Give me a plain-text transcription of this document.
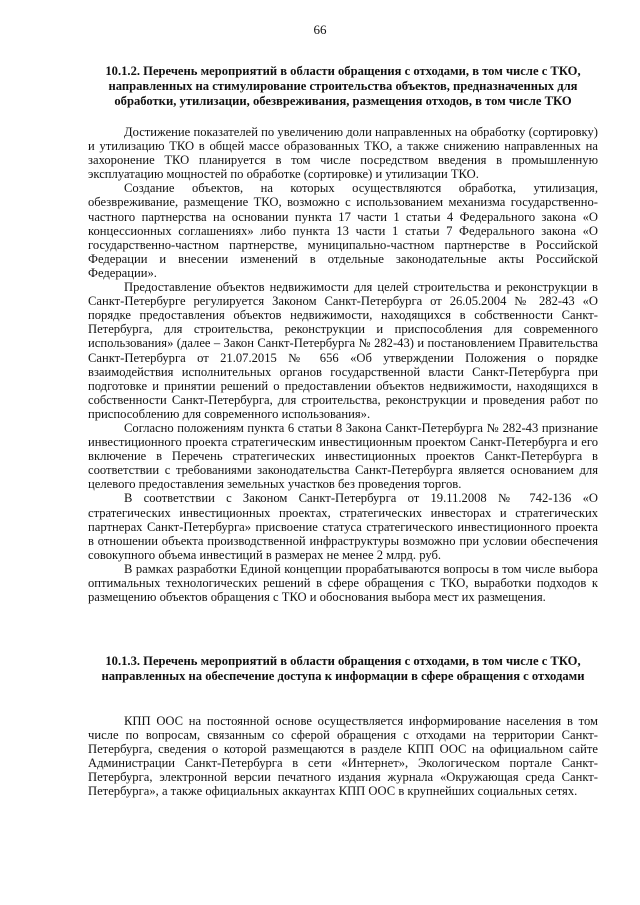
66
10.1.2. Перечень мероприятий в области обращения с отходами, в том числе с ТКО, направленных на стимулирование строительства объектов, предназначенных для обработки, утилизации, обезвреживания, размещения отходов, в том числе ТКО

Достижение показателей по увеличению доли направленных на обработку (сортировку) и утилизацию ТКО в общей массе образованных ТКО, а также снижению направленных на захоронение ТКО планируется в том числе посредством введения в промышленную эксплуатацию мощностей по обработке (сортировке) и утилизации ТКО.

Создание объектов, на которых осуществляются обработка, утилизация, обезвреживание, размещение ТКО, возможно с использованием механизма государственно-частного партнерства на основании пункта 17 части 1 статьи 4 Федерального закона «О концессионных соглашениях» либо пункта 13 части 1 статьи 7 Федерального закона «О государственно-частном партнерстве, муниципально-частном партнерстве в Российской Федерации и внесении изменений в отдельные законодательные акты Российской Федерации».

Предоставление объектов недвижимости для целей строительства и реконструкции в Санкт-Петербурге регулируется Законом Санкт-Петербурга от 26.05.2004 № 282-43 «О порядке предоставления объектов недвижимости, находящихся в собственности Санкт-Петербурга, для строительства, реконструкции и приспособления для современного использования» (далее – Закон Санкт-Петербурга № 282-43) и постановлением Правительства Санкт-Петербурга от 21.07.2015 № 656 «Об утверждении Положения о порядке взаимодействия исполнительных органов государственной власти Санкт-Петербурга при подготовке и принятии решений о предоставлении объектов недвижимости, находящихся в собственности Санкт-Петербурга, для строительства, реконструкции и проведения работ по приспособлению для современного использования».

Согласно положениям пункта 6 статьи 8 Закона Санкт-Петербурга № 282-43 признание инвестиционного проекта стратегическим инвестиционным проектом Санкт-Петербурга и его включение в Перечень стратегических инвестиционных проектов Санкт-Петербурга в соответствии с требованиями законодательства Санкт-Петербурга является основанием для целевого предоставления земельных участков без проведения торгов.

В соответствии с Законом Санкт-Петербурга от 19.11.2008 № 742-136 «О стратегических инвестиционных проектах, стратегических инвесторах и стратегических партнерах Санкт-Петербурга» присвоение статуса стратегического инвестиционного проекта в отношении объекта производственной инфраструктуры возможно при условии обеспечения совокупного объема инвестиций в размерах не менее 2 млрд. руб.

В рамках разработки Единой концепции прорабатываются вопросы в том числе выбора оптимальных технологических решений в сфере обращения с ТКО, выработки подходов к размещению объектов обращения с ТКО и обоснования выбора мест их размещения.

10.1.3. Перечень мероприятий в области обращения с отходами, в том числе с ТКО, направленных на обеспечение доступа к информации в сфере обращения с отходами

КПП ООС на постоянной основе осуществляется информирование населения в том числе по вопросам, связанным со сферой обращения с отходами на территории Санкт-Петербурга, сведения о которой размещаются в разделе КПП ООС на официальном сайте Администрации Санкт-Петербурга в сети «Интернет», Экологическом портале Санкт-Петербурга, электронной версии печатного издания журнала «Окружающая среда Санкт-Петербурга», а также официальных аккаунтах КПП ООС в крупнейших социальных сетях.
